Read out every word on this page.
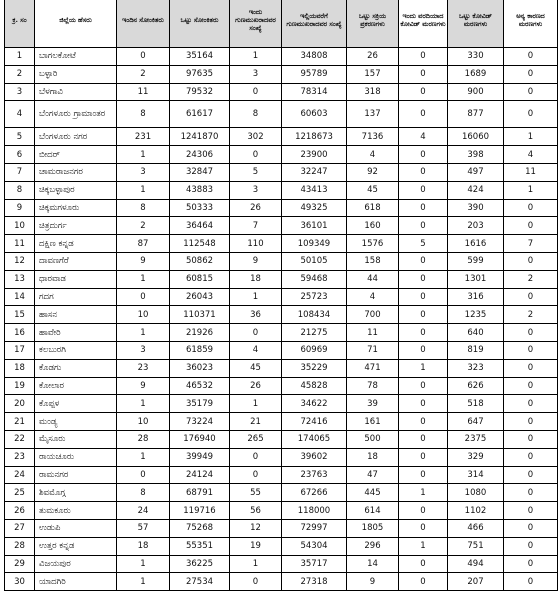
ಕ್ರ. ಸಂ	ಜಿಲ್ಲೆಯ ಹೆಸರು	ಇಂದಿನ ಸೋಂಕಿತರು	ಒಟ್ಟು ಸೋಂಕಿತರು	ಇಂದು ಗುಣಮುಖರಾದವರ ಸಂಖ್ಯೆ	ಇಲ್ಲಿಯವರೆಗೆ ಗುಣಮುಖರಾದವರ ಸಂಖ್ಯೆ	ಒಟ್ಟು ಸಕ್ರಿಯ ಪ್ರಕರಣಗಳು	ಇಂದು ವರದಿಯಾದ ಕೋವಿಡ್ ಮರಣಗಳು	ಒಟ್ಟು ಕೋವಿಡ್ ಮರಣಗಳು	ಅನ್ಯ ಕಾರಣದ ಮರಣಗಳು
1	ಬಾಗಲಕೋಟೆ	0	35164	1	34808	26	0	330	0
2	ಬಳ್ಳಾರಿ	2	97635	3	95789	157	0	1689	0
3	ಬೆಳಗಾವಿ	11	79532	0	78314	318	0	900	0
4	ಬೆಂಗಳೂರು ಗ್ರಾಮಾಂತರ	8	61617	8	60603	137	0	877	0
5	ಬೆಂಗಳೂರು ನಗರ	231	1241870	302	1218673	7136	4	16060	1
6	ಬೀದರ್	1	24306	0	23900	4	0	398	4
7	ಚಾಮರಾಜನಗರ	3	32847	5	32247	92	0	497	11
8	ಚಿಕ್ಕಬಳ್ಳಾಪುರ	1	43883	3	43413	45	0	424	1
9	ಚಿಕ್ಕಮಗಳೂರು	8	50333	26	49325	618	0	390	0
10	ಚಿತ್ರದುರ್ಗ	2	36464	7	36101	160	0	203	0
11	ದಕ್ಷಿಣ ಕನ್ನಡ	87	112548	110	109349	1576	5	1616	7
12	ದಾವಣಗೆರೆ	9	50862	9	50105	158	0	599	0
13	ಧಾರವಾಡ	1	60815	18	59468	44	0	1301	2
14	ಗದಗ	0	26043	1	25723	4	0	316	0
15	ಹಾಸನ	10	110371	36	108434	700	0	1235	2
16	ಹಾವೇರಿ	1	21926	0	21275	11	0	640	0
17	ಕಲಬುರಗಿ	3	61859	4	60969	71	0	819	0
18	ಕೊಡಗು	23	36023	45	35229	471	1	323	0
19	ಕೋಲಾರ	9	46532	26	45828	78	0	626	0
20	ಕೊಪ್ಪಳ	1	35179	1	34622	39	0	518	0
21	ಮಂಡ್ಯ	10	73224	21	72416	161	0	647	0
22	ಮೈಸೂರು	28	176940	265	174065	500	0	2375	0
23	ರಾಯಚೂರು	1	39949	0	39602	18	0	329	0
24	ರಾಮನಗರ	0	24124	0	23763	47	0	314	0
25	ಶಿವಮೊಗ್ಗ	8	68791	55	67266	445	1	1080	0
26	ತುಮಕೂರು	24	119716	56	118000	614	0	1102	0
27	ಉಡುಪಿ	57	75268	12	72997	1805	0	466	0
28	ಉತ್ತರ ಕನ್ನಡ	18	55351	19	54304	296	1	751	0
29	ವಿಜಯಪುರ	1	36225	1	35717	14	0	494	0
30	ಯಾದಗಿರಿ	1	27534	0	27318	9	0	207	0
